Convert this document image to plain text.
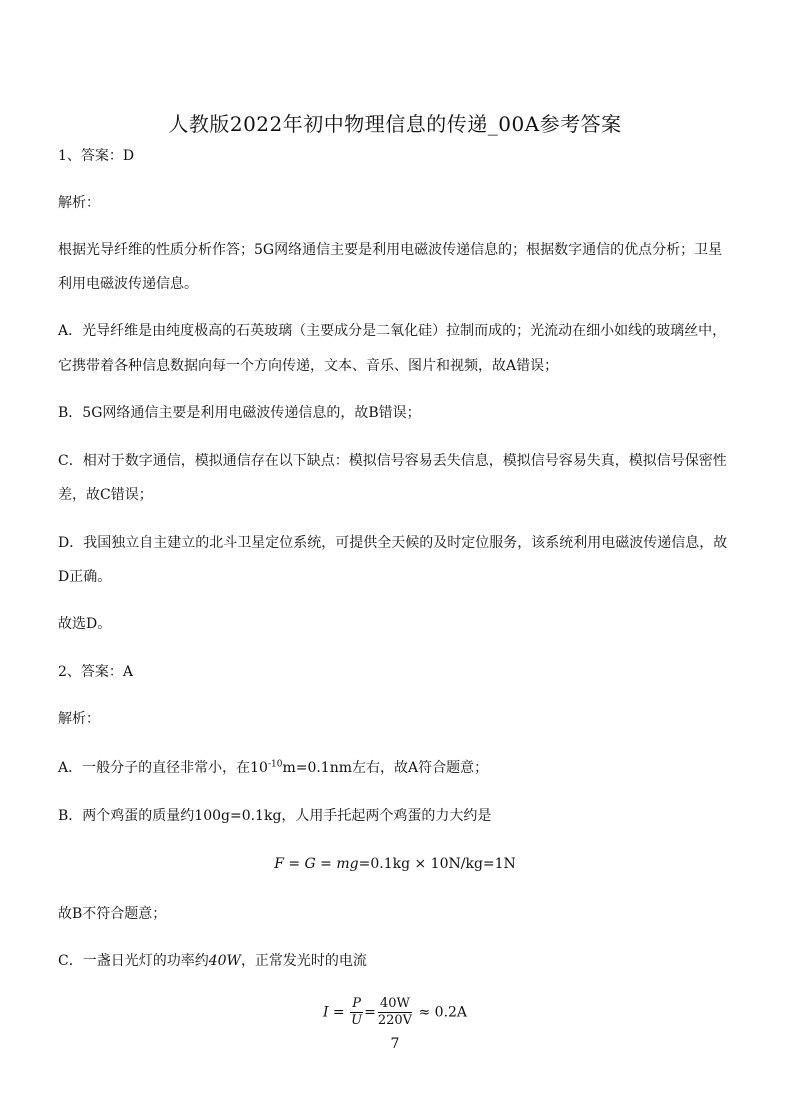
人教版2022年初中物理信息的传递_00A参考答案
1、答案：D
解析：
根据光导纤维的性质分析作答；5G网络通信主要是利用电磁波传递信息的；根据数字通信的优点分析；卫星
利用电磁波传递信息。
A．光导纤维是由纯度极高的石英玻璃（主要成分是二氧化硅）拉制而成的；光流动在细小如线的玻璃丝中，
它携带着各种信息数据向每一个方向传递，文本、音乐、图片和视频，故A错误；
B．5G网络通信主要是利用电磁波传递信息的，故B错误；
C．相对于数字通信，模拟通信存在以下缺点：模拟信号容易丢失信息，模拟信号容易失真，模拟信号保密性
差，故C错误；
D．我国独立自主建立的北斗卫星定位系统，可提供全天候的及时定位服务，该系统利用电磁波传递信息，故
D正确。
故选D。
2、答案：A
解析：
A．一般分子的直径非常小，在$10^{-10}m=0.1nm$左右，故A符合题意；
B．两个鸡蛋的质量约100g=0.1kg，人用手托起两个鸡蛋的力大约是
F = G = mg=0.1kg × 10N/kg=1N
故B不符合题意；
C．一盏日光灯的功率约40W，正常发光时的电流
$I = \frac{P}{U} = \frac{40W}{220V} \approx 0.2A$
7
